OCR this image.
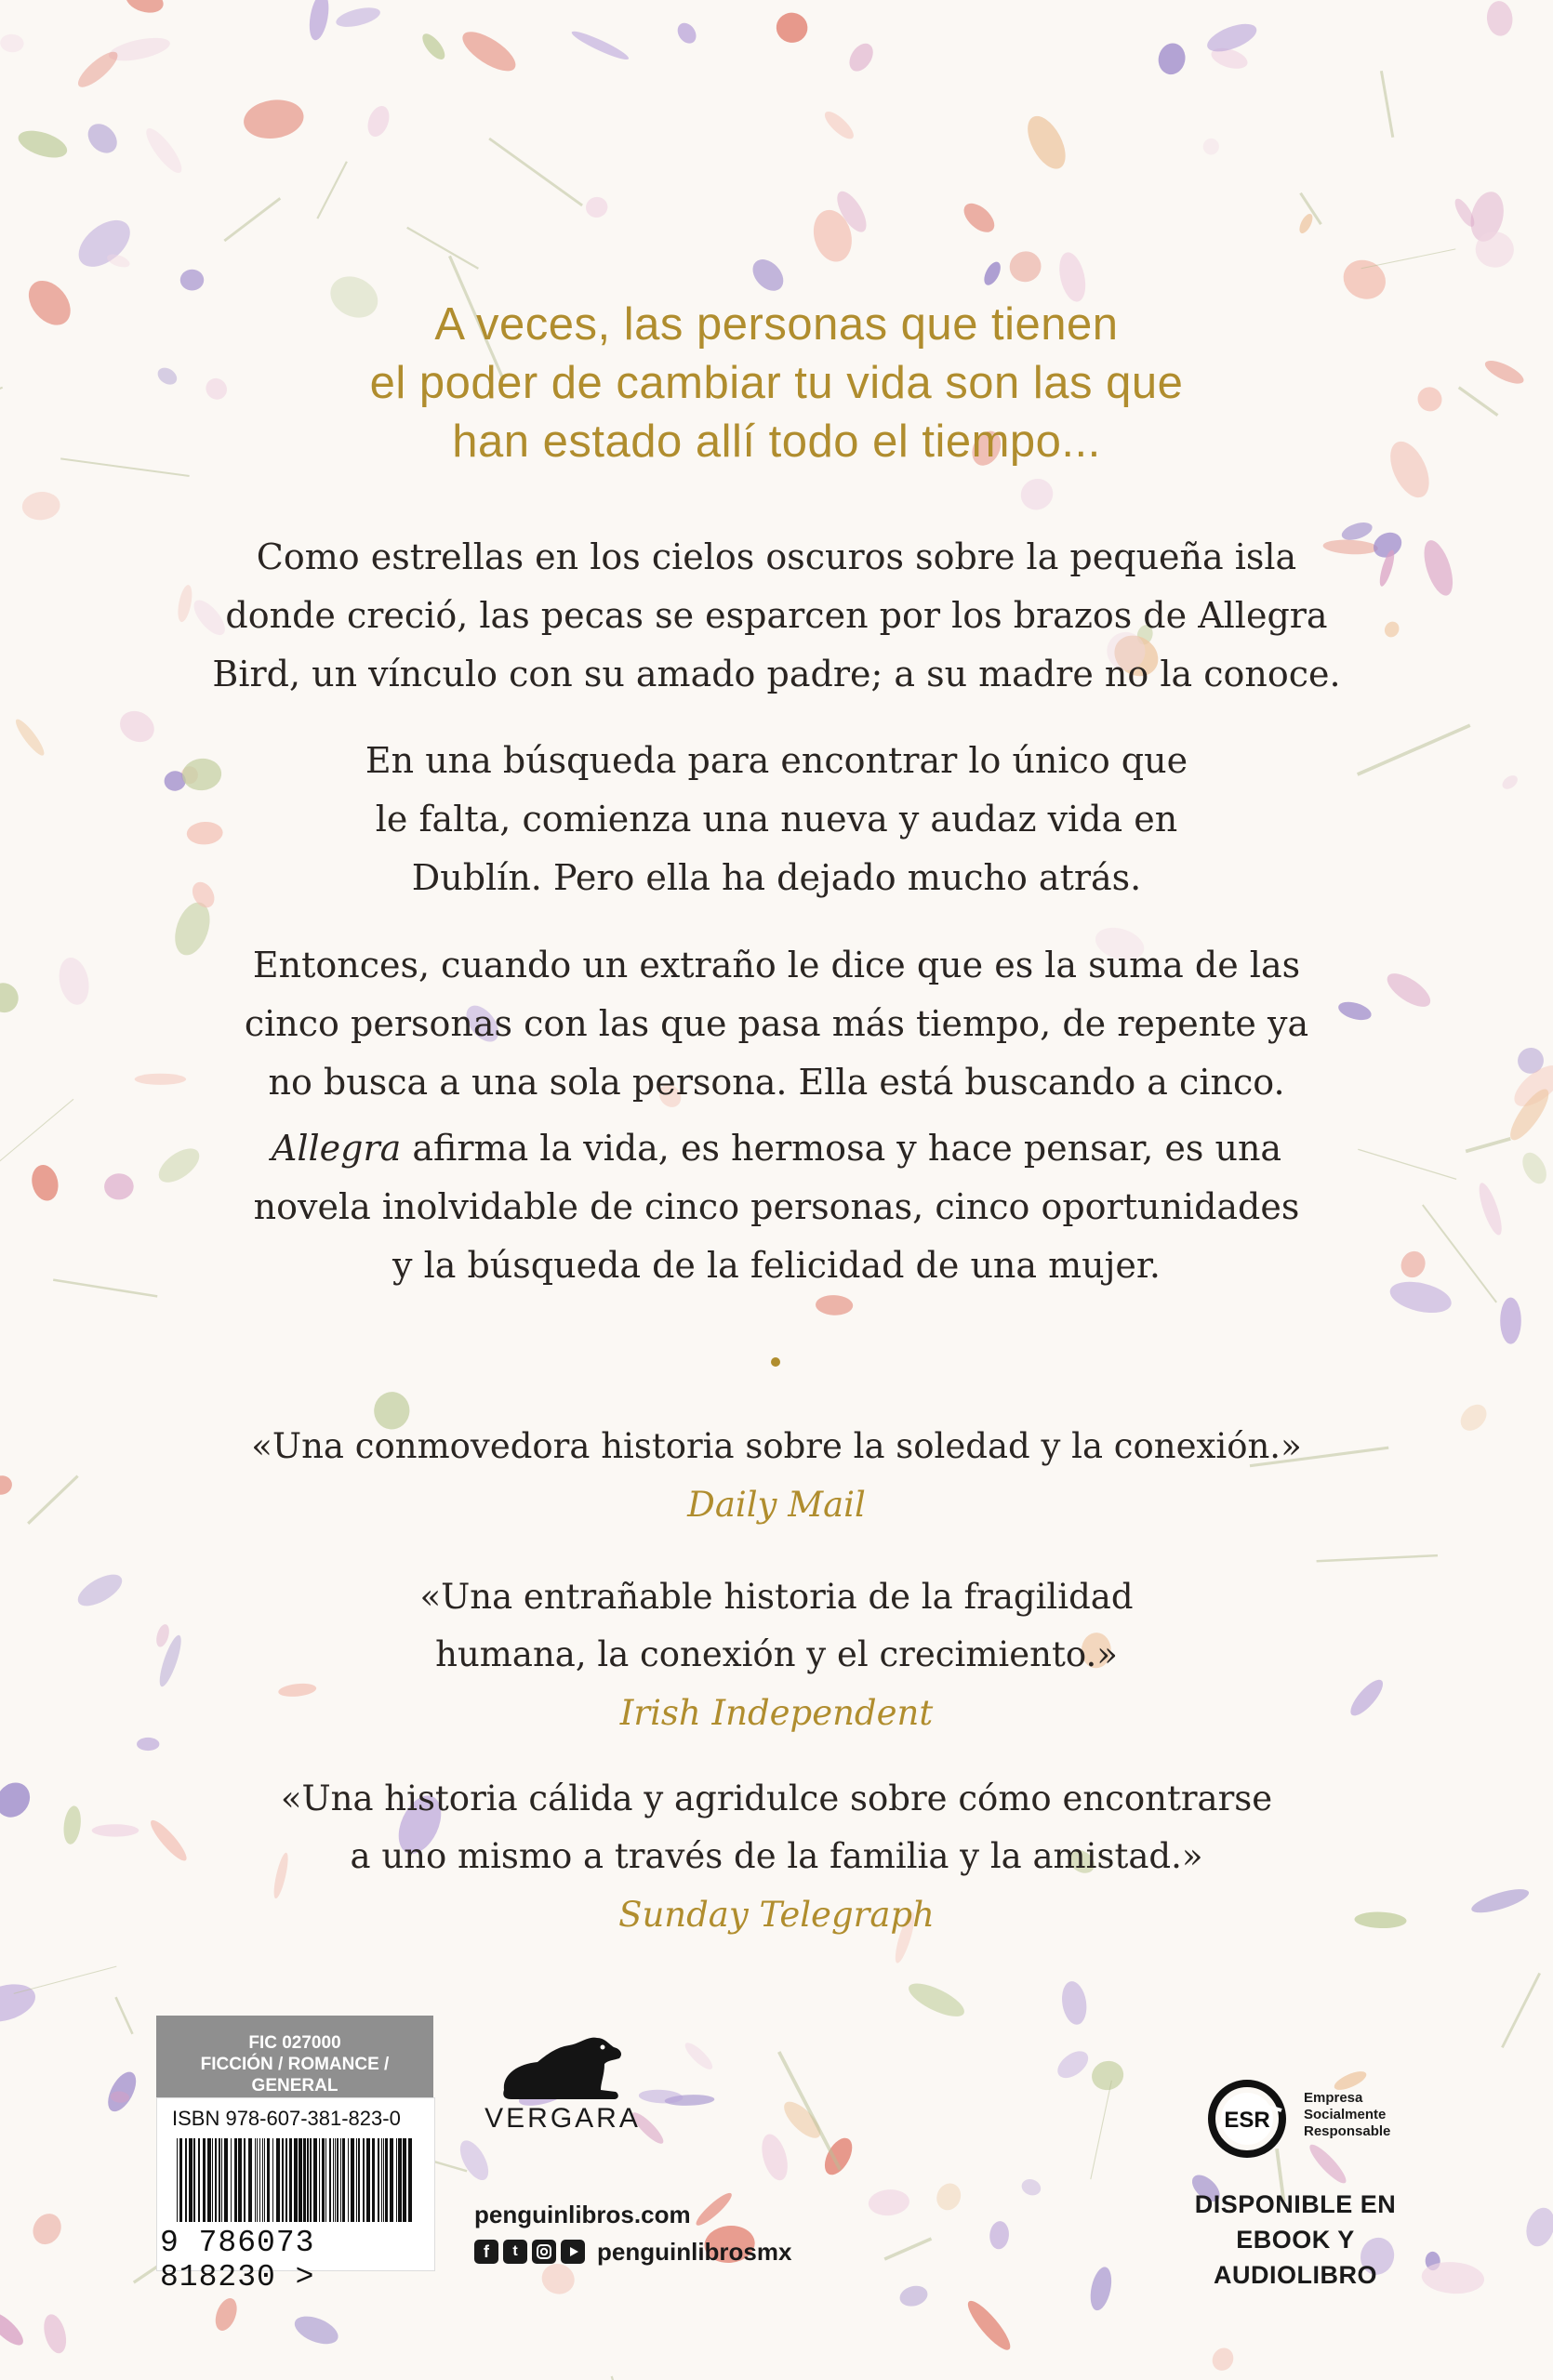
A veces, las personas que tienen
el poder de cambiar tu vida son las que
han estado allí todo el tiempo...

Como estrellas en los cielos oscuros sobre la pequeña isla
donde creció, las pecas se esparcen por los brazos de Allegra
Bird, un vínculo con su amado padre; a su madre no la conoce.

En una búsqueda para encontrar lo único que
le falta, comienza una nueva y audaz vida en
Dublín. Pero ella ha dejado mucho atrás.

Entonces, cuando un extraño le dice que es la suma de las
cinco personas con las que pasa más tiempo, de repente ya
no busca a una sola persona. Ella está buscando a cinco.

Allegra afirma la vida, es hermosa y hace pensar, es una
novela inolvidable de cinco personas, cinco oportunidades
y la búsqueda de la felicidad de una mujer.

«Una conmovedora historia sobre la soledad y la conexión.»
Daily Mail
«Una entrañable historia de la fragilidad
humana, la conexión y el crecimiento.»
Irish Independent
«Una historia cálida y agridulce sobre cómo encontrarse
a uno mismo a través de la familia y la amistad.»
Sunday Telegraph
FIC 027000
FICCIÓN / ROMANCE / GENERAL
ISBN 978-607-381-823-0
9 786073 818230 >
VERGARA
penguinlibros.com
f	t	penguinlibrosmx
ESR
Empresa
Socialmente
Responsable
DISPONIBLE EN
EBOOK Y AUDIOLIBRO
